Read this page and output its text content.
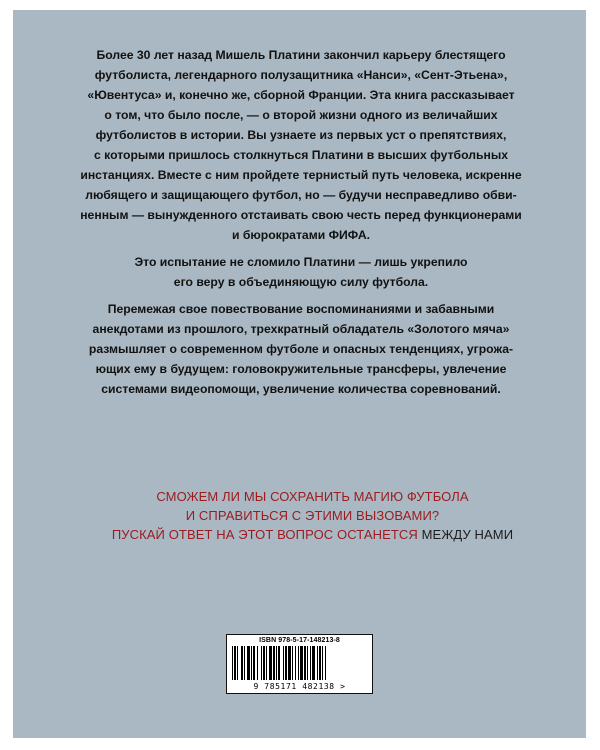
Более 30 лет назад Мишель Платини закончил карьеру блестящего
футболиста, легендарного полузащитника «Нанси», «Сент-Этьена»,
«Ювентуса» и, конечно же, сборной Франции. Эта книга рассказывает
о том, что было после, — о второй жизни одного из величайших
футболистов в истории. Вы узнаете из первых уст о препятствиях,
с которыми пришлось столкнуться Платини в высших футбольных
инстанциях. Вместе с ним пройдете тернистый путь человека, искренне
любящего и защищающего футбол, но — будучи несправедливо обви-
ненным — вынужденного отстаивать свою честь перед функционерами
и бюрократами ФИФА.

Это испытание не сломило Платини — лишь укрепило
его веру в объединяющую силу футбола.

Перемежая свое повествование воспоминаниями и забавными
анекдотами из прошлого, трехкратный обладатель «Золотого мяча»
размышляет о современном футболе и опасных тенденциях, угрожа-
ющих ему в будущем: головокружительные трансферы, увлечение
системами видеопомощи, увеличение количества соревнований.

СМОЖЕМ ЛИ МЫ СОХРАНИТЬ МАГИЮ ФУТБОЛА
И СПРАВИТЬСЯ С ЭТИМИ ВЫЗОВАМИ?
ПУСКАЙ ОТВЕТ НА ЭТОТ ВОПРОС ОСТАНЕТСЯ МЕЖДУ НАМИ
ISBN 978-5-17-148213-8
9 785171 482138 >
